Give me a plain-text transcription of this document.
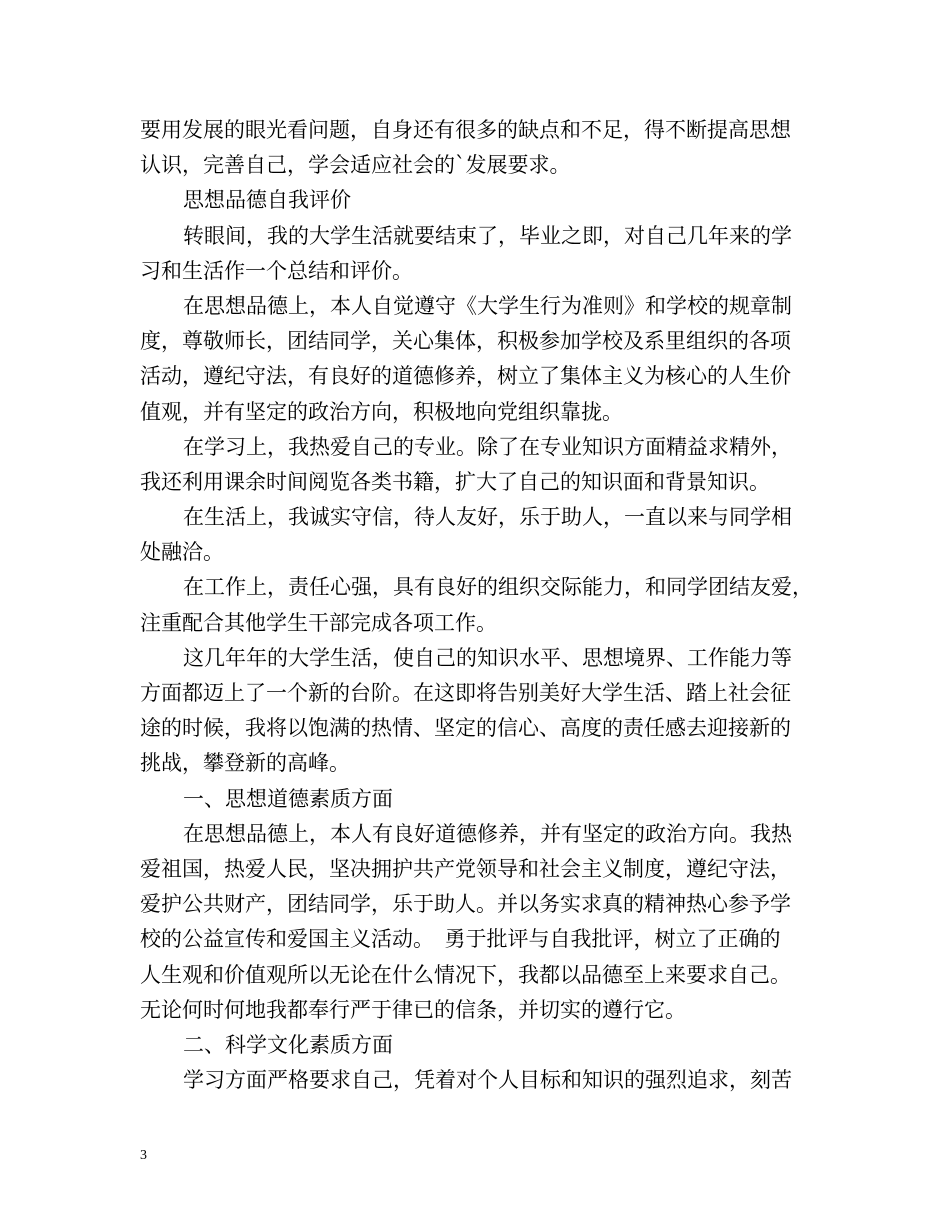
要用发展的眼光看问题，自身还有很多的缺点和不足，得不断提高思想
认识，完善自己，学会适应社会的`发展要求。
思想品德自我评价
转眼间，我的大学生活就要结束了，毕业之即，对自己几年来的学
习和生活作一个总结和评价。
在思想品德上，本人自觉遵守《大学生行为准则》和学校的规章制
度，尊敬师长，团结同学，关心集体，积极参加学校及系里组织的各项
活动，遵纪守法，有良好的道德修养，树立了集体主义为核心的人生价
值观，并有坚定的政治方向，积极地向党组织靠拢。
在学习上，我热爱自己的专业。除了在专业知识方面精益求精外，
我还利用课余时间阅览各类书籍，扩大了自己的知识面和背景知识。
在生活上，我诚实守信，待人友好，乐于助人，一直以来与同学相
处融洽。
在工作上，责任心强，具有良好的组织交际能力，和同学团结友爱，
注重配合其他学生干部完成各项工作。
这几年年的大学生活，使自己的知识水平、思想境界、工作能力等
方面都迈上了一个新的台阶。在这即将告别美好大学生活、踏上社会征
途的时候，我将以饱满的热情、坚定的信心、高度的责任感去迎接新的
挑战，攀登新的高峰。
一、思想道德素质方面
在思想品德上，本人有良好道德修养，并有坚定的政治方向。我热
爱祖国，热爱人民，坚决拥护共产党领导和社会主义制度，遵纪守法，
爱护公共财产，团结同学，乐于助人。并以务实求真的精神热心参予学
校的公益宣传和爱国主义活动。　勇于批评与自我批评，树立了正确的
人生观和价值观所以无论在什么情况下，我都以品德至上来要求自己。
无论何时何地我都奉行严于律已的信条，并切实的遵行它。
二、科学文化素质方面
学习方面严格要求自己，凭着对个人目标和知识的强烈追求，刻苦
3
